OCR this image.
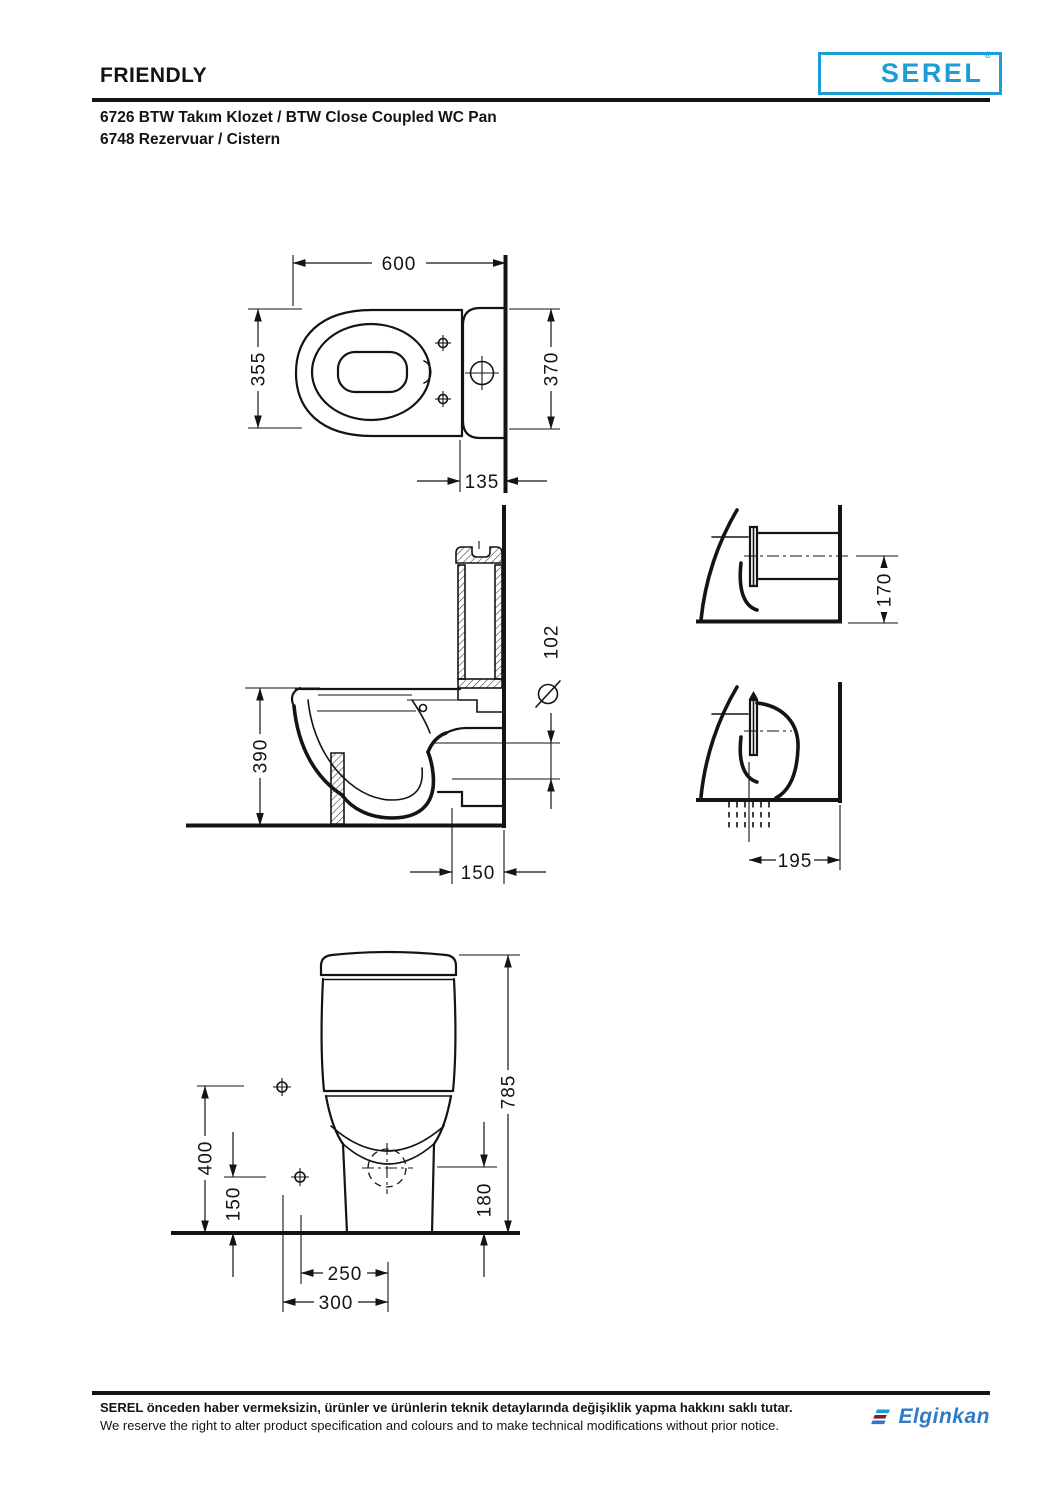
FRIENDLY	SEREL®
6726 BTW Takım Klozet / BTW Close Coupled WC Pan
6748 Rezervuar / Cistern
600
355	370
135
390
102
150
170
195
785
400
150	180
250
300
SEREL önceden haber vermeksizin, ürünler ve ürünlerin teknik detaylarında değişiklik yapma hakkını saklı tutar.
We reserve the right to alter product specification and colours and to make technical modifications without prior notice.	Elginkan
